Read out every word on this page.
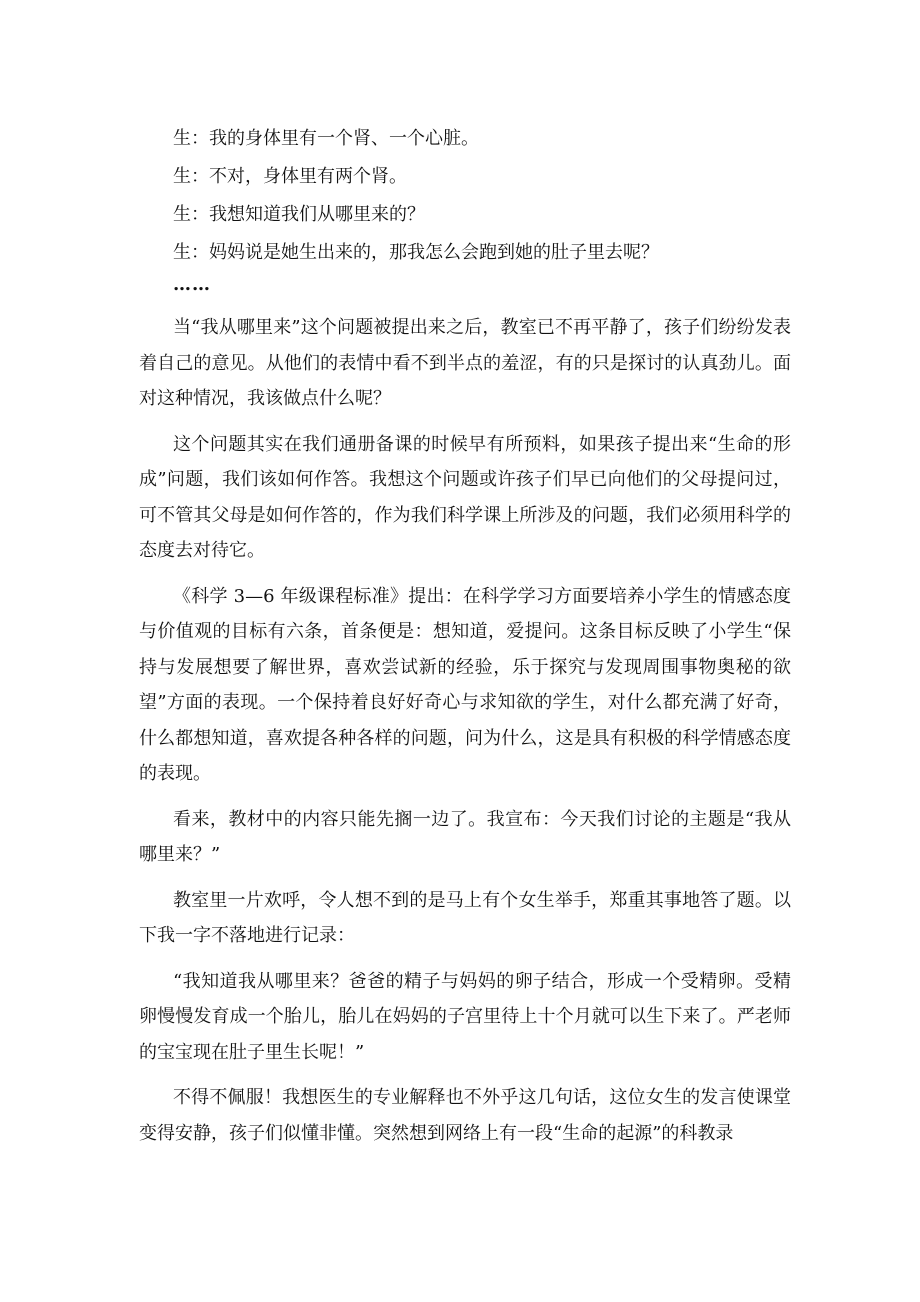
生：我的身体里有一个肾、一个心脏。
生：不对，身体里有两个肾。
生：我想知道我们从哪里来的？
生：妈妈说是她生出来的，那我怎么会跑到她的肚子里去呢？
……

当“我从哪里来”这个问题被提出来之后，教室已不再平静了，孩子们纷纷发表着自己的意见。从他们的表情中看不到半点的羞涩，有的只是探讨的认真劲儿。面对这种情况，我该做点什么呢？

这个问题其实在我们通册备课的时候早有所预料，如果孩子提出来“生命的形成”问题，我们该如何作答。我想这个问题或许孩子们早已向他们的父母提问过，可不管其父母是如何作答的，作为我们科学课上所涉及的问题，我们必须用科学的态度去对待它。

《科学 3—6 年级课程标准》提出：在科学学习方面要培养小学生的情感态度与价值观的目标有六条，首条便是：想知道，爱提问。这条目标反映了小学生“保持与发展想要了解世界，喜欢尝试新的经验，乐于探究与发现周围事物奥秘的欲望”方面的表现。一个保持着良好好奇心与求知欲的学生，对什么都充满了好奇，什么都想知道，喜欢提各种各样的问题，问为什么，这是具有积极的科学情感态度的表现。

看来，教材中的内容只能先搁一边了。我宣布：今天我们讨论的主题是“我从哪里来？”

教室里一片欢呼，令人想不到的是马上有个女生举手，郑重其事地答了题。以下我一字不落地进行记录：

“我知道我从哪里来？爸爸的精子与妈妈的卵子结合，形成一个受精卵。受精卵慢慢发育成一个胎儿，胎儿在妈妈的子宫里待上十个月就可以生下来了。严老师的宝宝现在肚子里生长呢！”

不得不佩服！我想医生的专业解释也不外乎这几句话，这位女生的发言使课堂变得安静，孩子们似懂非懂。突然想到网络上有一段“生命的起源”的科教录
